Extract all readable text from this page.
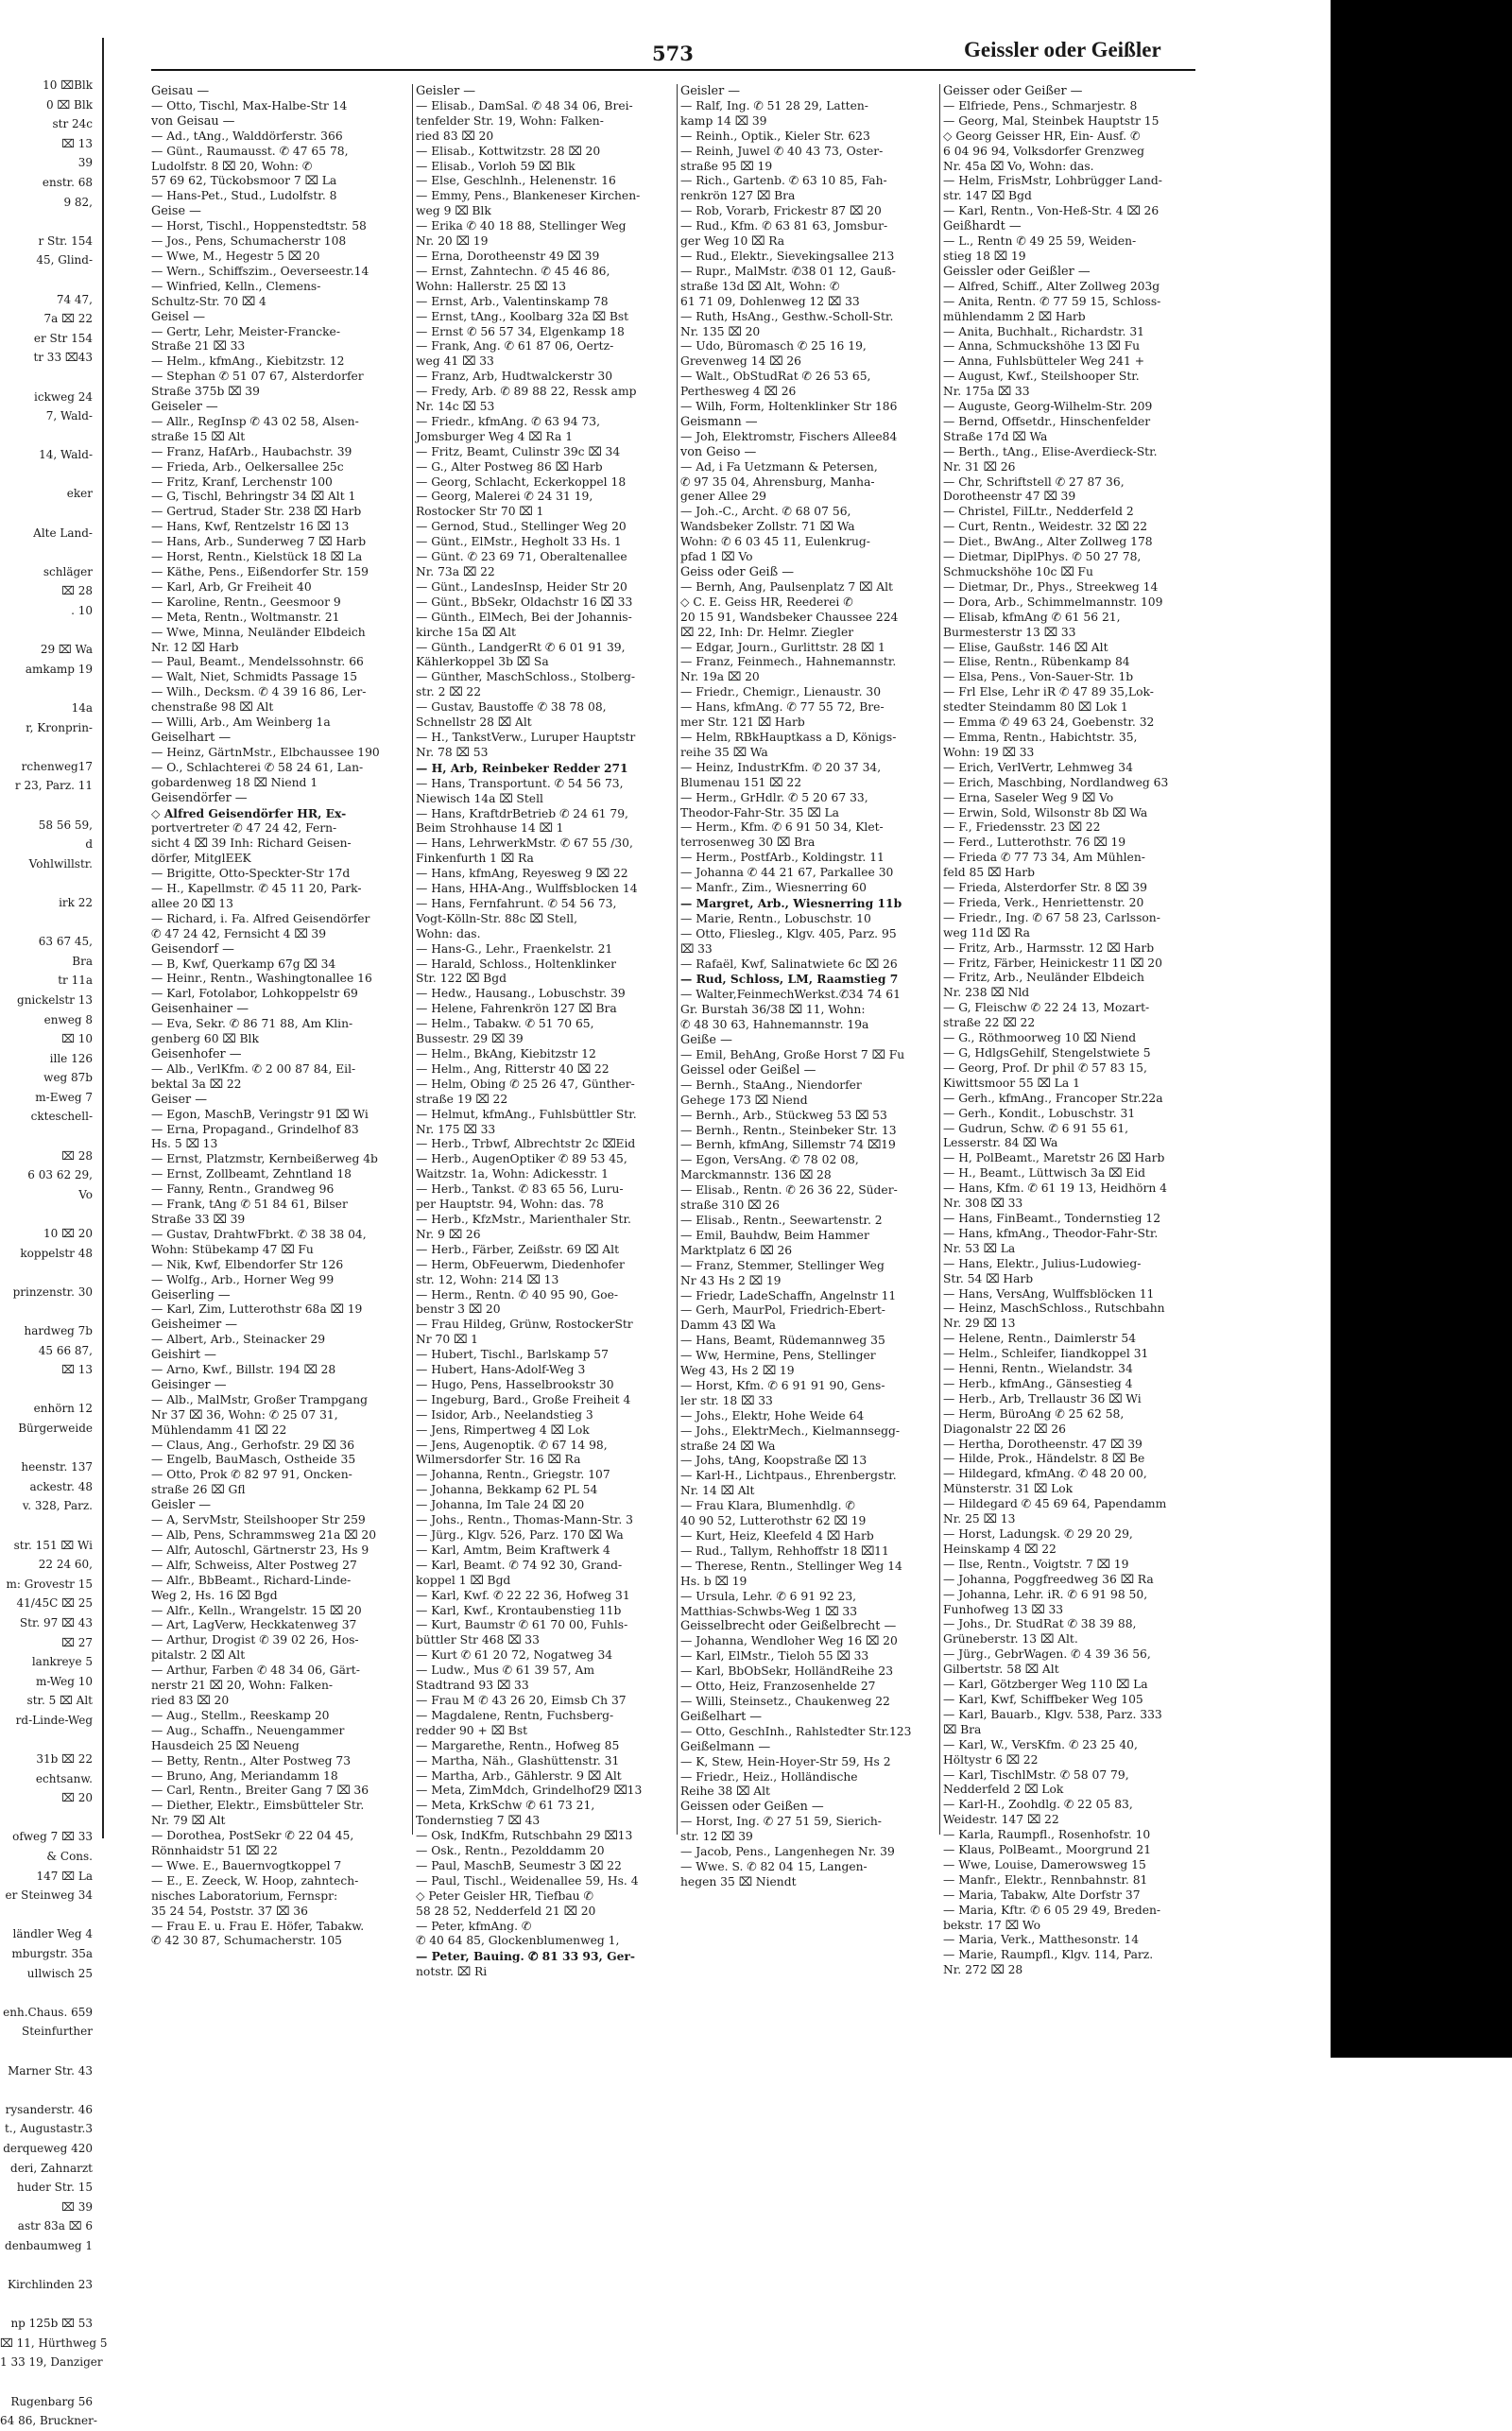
10 ⌧Blk
0 ⌧ Blk
str 24c
⌧ 13
39
enstr. 68
9 82,

r Str. 154
45, Glind-

74 47,
7a ⌧ 22
er Str 154
tr 33 ⌧43

ickweg 24
7, Wald-

14, Wald-

eker

Alte Land-

schläger
⌧ 28
. 10

29 ⌧ Wa
amkamp 19

14a
r, Kronprin-

rchenweg17
r 23, Parz. 11

58 56 59,
d
Vohlwillstr.

irk 22

63 67 45,
Bra
tr 11a
gnickelstr 13
enweg 8
⌧ 10
ille 126
weg 87b
m-Eweg 7
ckteschell-

⌧ 28
6 03 62 29,
Vo

10 ⌧ 20
koppelstr 48

prinzenstr. 30

hardweg 7b
45 66 87,
⌧ 13

enhörn 12
Bürgerweide

heenstr. 137
ackestr. 48
v. 328, Parz.

str. 151 ⌧ Wi
22 24 60,
m: Grovestr 15
41/45C ⌧ 25
Str. 97 ⌧ 43
⌧ 27
lankreye 5
m-Weg 10
str. 5 ⌧ Alt
rd-Linde-Weg

31b ⌧ 22
echtsanw.
⌧ 20

ofweg 7 ⌧ 33
& Cons.
147 ⌧ La
er Steinweg 34

ländler Weg 4
mburgstr. 35a
ullwisch 25

enh.Chaus. 659
Steinfurther

Marner Str. 43

rysanderstr. 46
t., Augustastr.3
derqueweg 420
deri, Zahnarzt
huder Str. 15
⌧ 39
astr 83a ⌧ 6
denbaumweg 1

Kirchlinden 23

np 125b ⌧ 53
⌧ 11, Hürthweg 5
1 33 19, Danziger

Rugenbarg 56
64 86, Bruckner-
573	Geissler oder Geißler
Geisau —
— Otto, Tischl, Max-Halbe-Str 14
von Geisau —
— Ad., tAng., Walddörferstr. 366
— Günt., Raumausst. ✆ 47 65 78,
Ludolfstr. 8 ⌧ 20, Wohn: ✆
57 69 62, Tückobsmoor 7 ⌧ La
— Hans-Pet., Stud., Ludolfstr. 8
Geise —
— Horst, Tischl., Hoppenstedtstr. 58
— Jos., Pens, Schumacherstr 108
— Wwe, M., Hegestr 5 ⌧ 20
— Wern., Schiffszim., Oeverseestr.14
— Winfried, Kelln., Clemens-
Schultz-Str. 70 ⌧ 4
Geisel —
— Gertr, Lehr, Meister-Francke-
Straße 21 ⌧ 33
— Helm., kfmAng., Kiebitzstr. 12
— Stephan ✆ 51 07 67, Alsterdorfer
Straße 375b ⌧ 39
Geiseler —
— Allr., RegInsp ✆ 43 02 58, Alsen-
straße 15 ⌧ Alt
— Franz, HafArb., Haubachstr. 39
— Frieda, Arb., Oelkersallee 25c
— Fritz, Kranf, Lerchenstr 100
— G, Tischl, Behringstr 34 ⌧ Alt 1
— Gertrud, Stader Str. 238 ⌧ Harb
— Hans, Kwf, Rentzelstr 16 ⌧ 13
— Hans, Arb., Sunderweg 7 ⌧ Harb
— Horst, Rentn., Kielstück 18 ⌧ La
— Käthe, Pens., Eißendorfer Str. 159
— Karl, Arb, Gr Freiheit 40
— Karoline, Rentn., Geesmoor 9
— Meta, Rentn., Woltmanstr. 21
— Wwe, Minna, Neuländer Elbdeich
Nr. 12 ⌧ Harb
— Paul, Beamt., Mendelssohnstr. 66
— Walt, Niet, Schmidts Passage 15
— Wilh., Decksm. ✆ 4 39 16 86, Ler-
chenstraße 98 ⌧ Alt
— Willi, Arb., Am Weinberg 1a
Geiselhart —
— Heinz, GärtnMstr., Elbchaussee 190
— O., Schlachterei ✆ 58 24 61, Lan-
gobardenweg 18 ⌧ Niend 1
Geisendörfer —
◇ Alfred Geisendörfer HR, Ex-
portvertreter ✆ 47 24 42, Fern-
sicht 4 ⌧ 39 Inh: Richard Geisen-
dörfer, MitglEEK
— Brigitte, Otto-Speckter-Str 17d
— H., Kapellmstr. ✆ 45 11 20, Park-
allee 20 ⌧ 13
— Richard, i. Fa. Alfred Geisendörfer
✆ 47 24 42, Fernsicht 4 ⌧ 39
Geisendorf —
— B, Kwf, Querkamp 67g ⌧ 34
— Heinr., Rentn., Washingtonallee 16
— Karl, Fotolabor, Lohkoppelstr 69
Geisenhainer —
— Eva, Sekr. ✆ 86 71 88, Am Klin-
genberg 60 ⌧ Blk
Geisenhofer —
— Alb., VerlKfm. ✆ 2 00 87 84, Eil-
bektal 3a ⌧ 22
Geiser —
— Egon, MaschB, Veringstr 91 ⌧ Wi
— Erna, Propagand., Grindelhof 83
Hs. 5 ⌧ 13
— Ernst, Platzmstr, Kernbeißerweg 4b
— Ernst, Zollbeamt, Zehntland 18
— Fanny, Rentn., Grandweg 96
— Frank, tAng ✆ 51 84 61, Bilser
Straße 33 ⌧ 39
— Gustav, DrahtwFbrkt. ✆ 38 38 04,
Wohn: Stübekamp 47 ⌧ Fu
— Nik, Kwf, Elbendorfer Str 126
— Wolfg., Arb., Horner Weg 99
Geiserling —
— Karl, Zim, Lutterothstr 68a ⌧ 19
Geisheimer —
— Albert, Arb., Steinacker 29
Geishirt —
— Arno, Kwf., Billstr. 194 ⌧ 28
Geisinger —
— Alb., MalMstr, Großer Trampgang
Nr 37 ⌧ 36, Wohn: ✆ 25 07 31,
Mühlendamm 41 ⌧ 22
— Claus, Ang., Gerhofstr. 29 ⌧ 36
— Engelb, BauMasch, Ostheide 35
— Otto, Prok ✆ 82 97 91, Oncken-
straße 26 ⌧ Gfl
Geisler —
— A, ServMstr, Steilshooper Str 259
— Alb, Pens, Schrammsweg 21a ⌧ 20
— Alfr, Autoschl, Gärtnerstr 23, Hs 9
— Alfr, Schweiss, Alter Postweg 27
— Alfr., BbBeamt., Richard-Linde-
Weg 2, Hs. 16 ⌧ Bgd
— Alfr., Kelln., Wrangelstr. 15 ⌧ 20
— Art, LagVerw, Heckkatenweg 37
— Arthur, Drogist ✆ 39 02 26, Hos-
pitalstr. 2 ⌧ Alt
— Arthur, Farben ✆ 48 34 06, Gärt-
nerstr 21 ⌧ 20, Wohn: Falken-
ried 83 ⌧ 20
— Aug., Stellm., Reeskamp 20
— Aug., Schaffn., Neuengammer
Hausdeich 25 ⌧ Neueng
— Betty, Rentn., Alter Postweg 73
— Bruno, Ang, Meriandamm 18
— Carl, Rentn., Breiter Gang 7 ⌧ 36
— Diether, Elektr., Eimsbütteler Str.
Nr. 79 ⌧ Alt
— Dorothea, PostSekr ✆ 22 04 45,
Rönnhaidstr 51 ⌧ 22
— Wwe. E., Bauernvogtkoppel 7
— E., E. Zeeck, W. Hoop, zahntech-
nisches Laboratorium, Fernspr:
35 24 54, Poststr. 37 ⌧ 36
— Frau E. u. Frau E. Höfer, Tabakw.
✆ 42 30 87, Schumacherstr. 105
Geisler —
— Elisab., DamSal. ✆ 48 34 06, Brei-
tenfelder Str. 19, Wohn: Falken-
ried 83 ⌧ 20
— Elisab., Kottwitzstr. 28 ⌧ 20
— Elisab., Vorloh 59 ⌧ Blk
— Else, Geschlnh., Helenenstr. 16
— Emmy, Pens., Blankeneser Kirchen-
weg 9 ⌧ Blk
— Erika ✆ 40 18 88, Stellinger Weg
Nr. 20 ⌧ 19
— Erna, Dorotheenstr 49 ⌧ 39
— Ernst, Zahntechn. ✆ 45 46 86,
Wohn: Hallerstr. 25 ⌧ 13
— Ernst, Arb., Valentinskamp 78
— Ernst, tAng., Koolbarg 32a ⌧ Bst
— Ernst ✆ 56 57 34, Elgenkamp 18
— Frank, Ang. ✆ 61 87 06, Oertz-
weg 41 ⌧ 33
— Franz, Arb, Hudtwalckerstr 30
— Fredy, Arb. ✆ 89 88 22, Ressk amp
Nr. 14c ⌧ 53
— Friedr., kfmAng. ✆ 63 94 73,
Jomsburger Weg 4 ⌧ Ra 1
— Fritz, Beamt, Culinstr 39c ⌧ 34
— G., Alter Postweg 86 ⌧ Harb
— Georg, Schlacht, Eckerkoppel 18
— Georg, Malerei ✆ 24 31 19,
Rostocker Str 70 ⌧ 1
— Gernod, Stud., Stellinger Weg 20
— Günt., ElMstr., Hegholt 33 Hs. 1
— Günt. ✆ 23 69 71, Oberaltenallee
Nr. 73a ⌧ 22
— Günt., LandesInsp, Heider Str 20
— Günt., BbSekr, Oldachstr 16 ⌧ 33
— Günth., ElMech, Bei der Johannis-
kirche 15a ⌧ Alt
— Günth., LandgerRt ✆ 6 01 91 39,
Kählerkoppel 3b ⌧ Sa
— Günther, MaschSchloss., Stolberg-
str. 2 ⌧ 22
— Gustav, Baustoffe ✆ 38 78 08,
Schnellstr 28 ⌧ Alt
— H., TankstVerw., Luruper Hauptstr
Nr. 78 ⌧ 53
— H, Arb, Reinbeker Redder 271
— Hans, Transportunt. ✆ 54 56 73,
Niewisch 14a ⌧ Stell
— Hans, KraftdrBetrieb ✆ 24 61 79,
Beim Strohhause 14 ⌧ 1
— Hans, LehrwerkMstr. ✆ 67 55 /30,
Finkenfurth 1 ⌧ Ra
— Hans, kfmAng, Reyesweg 9 ⌧ 22
— Hans, HHA-Ang., Wulffsblocken 14
— Hans, Fernfahrunt. ✆ 54 56 73,
Vogt-Kölln-Str. 88c ⌧ Stell,
Wohn: das.
— Hans-G., Lehr., Fraenkelstr. 21
— Harald, Schloss., Holtenklinker
Str. 122 ⌧ Bgd
— Hedw., Hausang., Lobuschstr. 39
— Helene, Fahrenkrön 127 ⌧ Bra
— Helm., Tabakw. ✆ 51 70 65,
Bussestr. 29 ⌧ 39
— Helm., BkAng, Kiebitzstr 12
— Helm., Ang, Ritterstr 40 ⌧ 22
— Helm, Obing ✆ 25 26 47, Günther-
straße 19 ⌧ 22
— Helmut, kfmAng., Fuhlsbüttler Str.
Nr. 175 ⌧ 33
— Herb., Trbwf, Albrechtstr 2c ⌧Eid
— Herb., AugenOptiker ✆ 89 53 45,
Waitzstr. 1a, Wohn: Adickesstr. 1
— Herb., Tankst. ✆ 83 65 56, Luru-
per Hauptstr. 94, Wohn: das. 78
— Herb., KfzMstr., Marienthaler Str.
Nr. 9 ⌧ 26
— Herb., Färber, Zeißstr. 69 ⌧ Alt
— Herm, ObFeuerwm, Diedenhofer
str. 12, Wohn: 214 ⌧ 13
— Herm., Rentn. ✆ 40 95 90, Goe-
benstr 3 ⌧ 20
— Frau Hildeg, Grünw, RostockerStr
Nr 70 ⌧ 1
— Hubert, Tischl., Barlskamp 57
— Hubert, Hans-Adolf-Weg 3
— Hugo, Pens, Hasselbrookstr 30
— Ingeburg, Bard., Große Freiheit 4
— Isidor, Arb., Neelandstieg 3
— Jens, Rimpertweg 4 ⌧ Lok
— Jens, Augenoptik. ✆ 67 14 98,
Wilmersdorfer Str. 16 ⌧ Ra
— Johanna, Rentn., Griegstr. 107
— Johanna, Bekkamp 62 PL 54
— Johanna, Im Tale 24 ⌧ 20
— Johs., Rentn., Thomas-Mann-Str. 3
— Jürg., Klgv. 526, Parz. 170 ⌧ Wa
— Karl, Amtm, Beim Kraftwerk 4
— Karl, Beamt. ✆ 74 92 30, Grand-
koppel 1 ⌧ Bgd
— Karl, Kwf. ✆ 22 22 36, Hofweg 31
— Karl, Kwf., Krontaubenstieg 11b
— Kurt, Baumstr ✆ 61 70 00, Fuhls-
büttler Str 468 ⌧ 33
— Kurt ✆ 61 20 72, Nogatweg 34
— Ludw., Mus ✆ 61 39 57, Am
Stadtrand 93 ⌧ 33
— Frau M ✆ 43 26 20, Eimsb Ch 37
— Magdalene, Rentn, Fuchsberg-
redder 90 + ⌧ Bst
— Margarethe, Rentn., Hofweg 85
— Martha, Näh., Glashüttenstr. 31
— Martha, Arb., Gählerstr. 9 ⌧ Alt
— Meta, ZimMdch, Grindelhof29 ⌧13
— Meta, KrkSchw ✆ 61 73 21,
Tondernstieg 7 ⌧ 43
— Osk, IndKfm, Rutschbahn 29 ⌧13
— Osk., Rentn., Pezolddamm 20
— Paul, MaschB, Seumestr 3 ⌧ 22
— Paul, Tischl., Weidenallee 59, Hs. 4
◇ Peter Geisler HR, Tiefbau ✆
58 28 52, Nedderfeld 21 ⌧ 20
— Peter, kfmAng. ✆
✆ 40 64 85, Glockenblumenweg 1,
— Peter, Bauing. ✆ 81 33 93, Ger-
notstr. ⌧ Ri
Geisler —
— Ralf, Ing. ✆ 51 28 29, Latten-
kamp 14 ⌧ 39
— Reinh., Optik., Kieler Str. 623
— Reinh, Juwel ✆ 40 43 73, Oster-
straße 95 ⌧ 19
— Rich., Gartenb. ✆ 63 10 85, Fah-
renkrön 127 ⌧ Bra
— Rob, Vorarb, Frickestr 87 ⌧ 20
— Rud., Kfm. ✆ 63 81 63, Jomsbur-
ger Weg 10 ⌧ Ra
— Rud., Elektr., Sievekingsallee 213
— Rupr., MalMstr. ✆38 01 12, Gauß-
straße 13d ⌧ Alt, Wohn: ✆
61 71 09, Dohlenweg 12 ⌧ 33
— Ruth, HsAng., Gesthw.-Scholl-Str.
Nr. 135 ⌧ 20
— Udo, Büromasch ✆ 25 16 19,
Grevenweg 14 ⌧ 26
— Walt., ObStudRat ✆ 26 53 65,
Perthesweg 4 ⌧ 26
— Wilh, Form, Holtenklinker Str 186
Geismann —
— Joh, Elektromstr, Fischers Allee84
von Geiso —
— Ad, i Fa Uetzmann & Petersen,
✆ 97 35 04, Ahrensburg, Manha-
gener Allee 29
— Joh.-C., Archt. ✆ 68 07 56,
Wandsbeker Zollstr. 71 ⌧ Wa
Wohn: ✆ 6 03 45 11, Eulenkrug-
pfad 1 ⌧ Vo
Geiss oder Geiß —
— Bernh, Ang, Paulsenplatz 7 ⌧ Alt
◇ C. E. Geiss HR, Reederei ✆
20 15 91, Wandsbeker Chaussee 224
⌧ 22, Inh: Dr. Helmr. Ziegler
— Edgar, Journ., Gurlittstr. 28 ⌧ 1
— Franz, Feinmech., Hahnemannstr.
Nr. 19a ⌧ 20
— Friedr., Chemigr., Lienaustr. 30
— Hans, kfmAng. ✆ 77 55 72, Bre-
mer Str. 121 ⌧ Harb
— Helm, RBkHauptkass a D, Königs-
reihe 35 ⌧ Wa
— Heinz, IndustrKfm. ✆ 20 37 34,
Blumenau 151 ⌧ 22
— Herm., GrHdlr. ✆ 5 20 67 33,
Theodor-Fahr-Str. 35 ⌧ La
— Herm., Kfm. ✆ 6 91 50 34, Klet-
terrosenweg 30 ⌧ Bra
— Herm., PostfArb., Koldingstr. 11
— Johanna ✆ 44 21 67, Parkallee 30
— Manfr., Zim., Wiesnerring 60
— Margret, Arb., Wiesnerring 11b
— Marie, Rentn., Lobuschstr. 10
— Otto, Fliesleg., Klgv. 405, Parz. 95
⌧ 33
— Rafaël, Kwf, Salinatwiete 6c ⌧ 26
— Rud, Schloss, LM, Raamstieg 7
— Walter,FeinmechWerkst.✆34 74 61
Gr. Burstah 36/38 ⌧ 11, Wohn:
✆ 48 30 63, Hahnemannstr. 19a
Geiße —
— Emil, BehAng, Große Horst 7 ⌧ Fu
Geissel oder Geißel —
— Bernh., StaAng., Niendorfer
Gehege 173 ⌧ Niend
— Bernh., Arb., Stückweg 53 ⌧ 53
— Bernh., Rentn., Steinbeker Str. 13
— Bernh, kfmAng, Sillemstr 74 ⌧19
— Egon, VersAng. ✆ 78 02 08,
Marckmannstr. 136 ⌧ 28
— Elisab., Rentn. ✆ 26 36 22, Süder-
straße 310 ⌧ 26
— Elisab., Rentn., Seewartenstr. 2
— Emil, Bauhdw, Beim Hammer
Marktplatz 6 ⌧ 26
— Franz, Stemmer, Stellinger Weg
Nr 43 Hs 2 ⌧ 19
— Friedr, LadeSchaffn, Angelnstr 11
— Gerh, MaurPol, Friedrich-Ebert-
Damm 43 ⌧ Wa
— Hans, Beamt, Rüdemannweg 35
— Ww, Hermine, Pens, Stellinger
Weg 43, Hs 2 ⌧ 19
— Horst, Kfm. ✆ 6 91 91 90, Gens-
ler str. 18 ⌧ 33
— Johs., Elektr, Hohe Weide 64
— Johs., ElektrMech., Kielmannsegg-
straße 24 ⌧ Wa
— Johs, tAng, Koopstraße ⌧ 13
— Karl-H., Lichtpaus., Ehrenbergstr.
Nr. 14 ⌧ Alt
— Frau Klara, Blumenhdlg. ✆
40 90 52, Lutterothstr 62 ⌧ 19
— Kurt, Heiz, Kleefeld 4 ⌧ Harb
— Rud., Tallym, Rehhoffstr 18 ⌧11
— Therese, Rentn., Stellinger Weg 14
Hs. b ⌧ 19
— Ursula, Lehr. ✆ 6 91 92 23,
Matthias-Schwbs-Weg 1 ⌧ 33
Geisselbrecht oder Geißelbrecht —
— Johanna, Wendloher Weg 16 ⌧ 20
— Karl, ElMstr., Tieloh 55 ⌧ 33
— Karl, BbObSekr, HolländReihe 23
— Otto, Heiz, Franzosenhelde 27
— Willi, Steinsetz., Chaukenweg 22
Geißelhart —
— Otto, GeschInh., Rahlstedter Str.123
Geißelmann —
— K, Stew, Hein-Hoyer-Str 59, Hs 2
— Friedr., Heiz., Holländische
Reihe 38 ⌧ Alt
Geissen oder Geißen —
— Horst, Ing. ✆ 27 51 59, Sierich-
str. 12 ⌧ 39
— Jacob, Pens., Langenhegen Nr. 39
— Wwe. S. ✆ 82 04 15, Langen-
hegen 35 ⌧ Niendt
Geisser oder Geißer —
— Elfriede, Pens., Schmarjestr. 8
— Georg, Mal, Steinbek Hauptstr 15
◇ Georg Geisser HR, Ein- Ausf. ✆
6 04 96 94, Volksdorfer Grenzweg
Nr. 45a ⌧ Vo, Wohn: das.
— Helm, FrisMstr, Lohbrügger Land-
str. 147 ⌧ Bgd
— Karl, Rentn., Von-Heß-Str. 4 ⌧ 26
Geißhardt —
— L., Rentn ✆ 49 25 59, Weiden-
stieg 18 ⌧ 19
Geissler oder Geißler —
— Alfred, Schiff., Alter Zollweg 203g
— Anita, Rentn. ✆ 77 59 15, Schloss-
mühlendamm 2 ⌧ Harb
— Anita, Buchhalt., Richardstr. 31
— Anna, Schmuckshöhe 13 ⌧ Fu
— Anna, Fuhlsbütteler Weg 241 +
— August, Kwf., Steilshooper Str.
Nr. 175a ⌧ 33
— Auguste, Georg-Wilhelm-Str. 209
— Bernd, Offsetdr., Hinschenfelder
Straße 17d ⌧ Wa
— Berth., tAng., Elise-Averdieck-Str.
Nr. 31 ⌧ 26
— Chr, Schriftstell ✆ 27 87 36,
Dorotheenstr 47 ⌧ 39
— Christel, FilLtr., Nedderfeld 2
— Curt, Rentn., Weidestr. 32 ⌧ 22
— Diet., BwAng., Alter Zollweg 178
— Dietmar, DiplPhys. ✆ 50 27 78,
Schmuckshöhe 10c ⌧ Fu
— Dietmar, Dr., Phys., Streekweg 14
— Dora, Arb., Schimmelmannstr. 109
— Elisab, kfmAng ✆ 61 56 21,
Burmesterstr 13 ⌧ 33
— Elise, Gaußstr. 146 ⌧ Alt
— Elise, Rentn., Rübenkamp 84
— Elsa, Pens., Von-Sauer-Str. 1b
— Frl Else, Lehr iR ✆ 47 89 35,Lok-
stedter Steindamm 80 ⌧ Lok 1
— Emma ✆ 49 63 24, Goebenstr. 32
— Emma, Rentn., Habichtstr. 35,
Wohn: 19 ⌧ 33
— Erich, VerlVertr, Lehmweg 34
— Erich, Maschbing, Nordlandweg 63
— Erna, Saseler Weg 9 ⌧ Vo
— Erwin, Sold, Wilsonstr 8b ⌧ Wa
— F., Friedensstr. 23 ⌧ 22
— Ferd., Lutterothstr. 76 ⌧ 19
— Frieda ✆ 77 73 34, Am Mühlen-
feld 85 ⌧ Harb
— Frieda, Alsterdorfer Str. 8 ⌧ 39
— Frieda, Verk., Henriettenstr. 20
— Friedr., Ing. ✆ 67 58 23, Carlsson-
weg 11d ⌧ Ra
— Fritz, Arb., Harmsstr. 12 ⌧ Harb
— Fritz, Färber, Heinickestr 11 ⌧ 20
— Fritz, Arb., Neuländer Elbdeich
Nr. 238 ⌧ Nld
— G, Fleischw ✆ 22 24 13, Mozart-
straße 22 ⌧ 22
— G., Röthmoorweg 10 ⌧ Niend
— G, HdlgsGehilf, Stengelstwiete 5
— Georg, Prof. Dr phil ✆ 57 83 15,
Kiwittsmoor 55 ⌧ La 1
— Gerh., kfmAng., Francoper Str.22a
— Gerh., Kondit., Lobuschstr. 31
— Gudrun, Schw. ✆ 6 91 55 61,
Lesserstr. 84 ⌧ Wa
— H, PolBeamt., Maretstr 26 ⌧ Harb
— H., Beamt., Lüttwisch 3a ⌧ Eid
— Hans, Kfm. ✆ 61 19 13, Heidhörn 4
Nr. 308 ⌧ 33
— Hans, FinBeamt., Tondernstieg 12
— Hans, kfmAng., Theodor-Fahr-Str.
Nr. 53 ⌧ La
— Hans, Elektr., Julius-Ludowieg-
Str. 54 ⌧ Harb
— Hans, VersAng, Wulffsblöcken 11
— Heinz, MaschSchloss., Rutschbahn
Nr. 29 ⌧ 13
— Helene, Rentn., Daimlerstr 54
— Helm., Schleifer, Iiandkoppel 31
— Henni, Rentn., Wielandstr. 34
— Herb., kfmAng., Gänsestieg 4
— Herb., Arb, Trellaustr 36 ⌧ Wi
— Herm, BüroAng ✆ 25 62 58,
Diagonalstr 22 ⌧ 26
— Hertha, Dorotheenstr. 47 ⌧ 39
— Hilde, Prok., Händelstr. 8 ⌧ Be
— Hildegard, kfmAng. ✆ 48 20 00,
Münsterstr. 31 ⌧ Lok
— Hildegard ✆ 45 69 64, Papendamm
Nr. 25 ⌧ 13
— Horst, Ladungsk. ✆ 29 20 29,
Heinskamp 4 ⌧ 22
— Ilse, Rentn., Voigtstr. 7 ⌧ 19
— Johanna, Poggfreedweg 36 ⌧ Ra
— Johanna, Lehr. iR. ✆ 6 91 98 50,
Funhofweg 13 ⌧ 33
— Johs., Dr. StudRat ✆ 38 39 88,
Grüneberstr. 13 ⌧ Alt.
— Jürg., GebrWagen. ✆ 4 39 36 56,
Gilbertstr. 58 ⌧ Alt
— Karl, Götzberger Weg 110 ⌧ La
— Karl, Kwf, Schiffbeker Weg 105
— Karl, Bauarb., Klgv. 538, Parz. 333
⌧ Bra
— Karl, W., VersKfm. ✆ 23 25 40,
Höltystr 6 ⌧ 22
— Karl, TischlMstr. ✆ 58 07 79,
Nedderfeld 2 ⌧ Lok
— Karl-H., Zoohdlg. ✆ 22 05 83,
Weidestr. 147 ⌧ 22
— Karla, Raumpfl., Rosenhofstr. 10
— Klaus, PolBeamt., Moorgrund 21
— Wwe, Louise, Damerowsweg 15
— Manfr., Elektr., Rennbahnstr. 81
— Maria, Tabakw, Alte Dorfstr 37
— Maria, Kftr. ✆ 6 05 29 49, Breden-
bekstr. 17 ⌧ Wo
— Maria, Verk., Matthesonstr. 14
— Marie, Raumpfl., Klgv. 114, Parz.
Nr. 272 ⌧ 28
